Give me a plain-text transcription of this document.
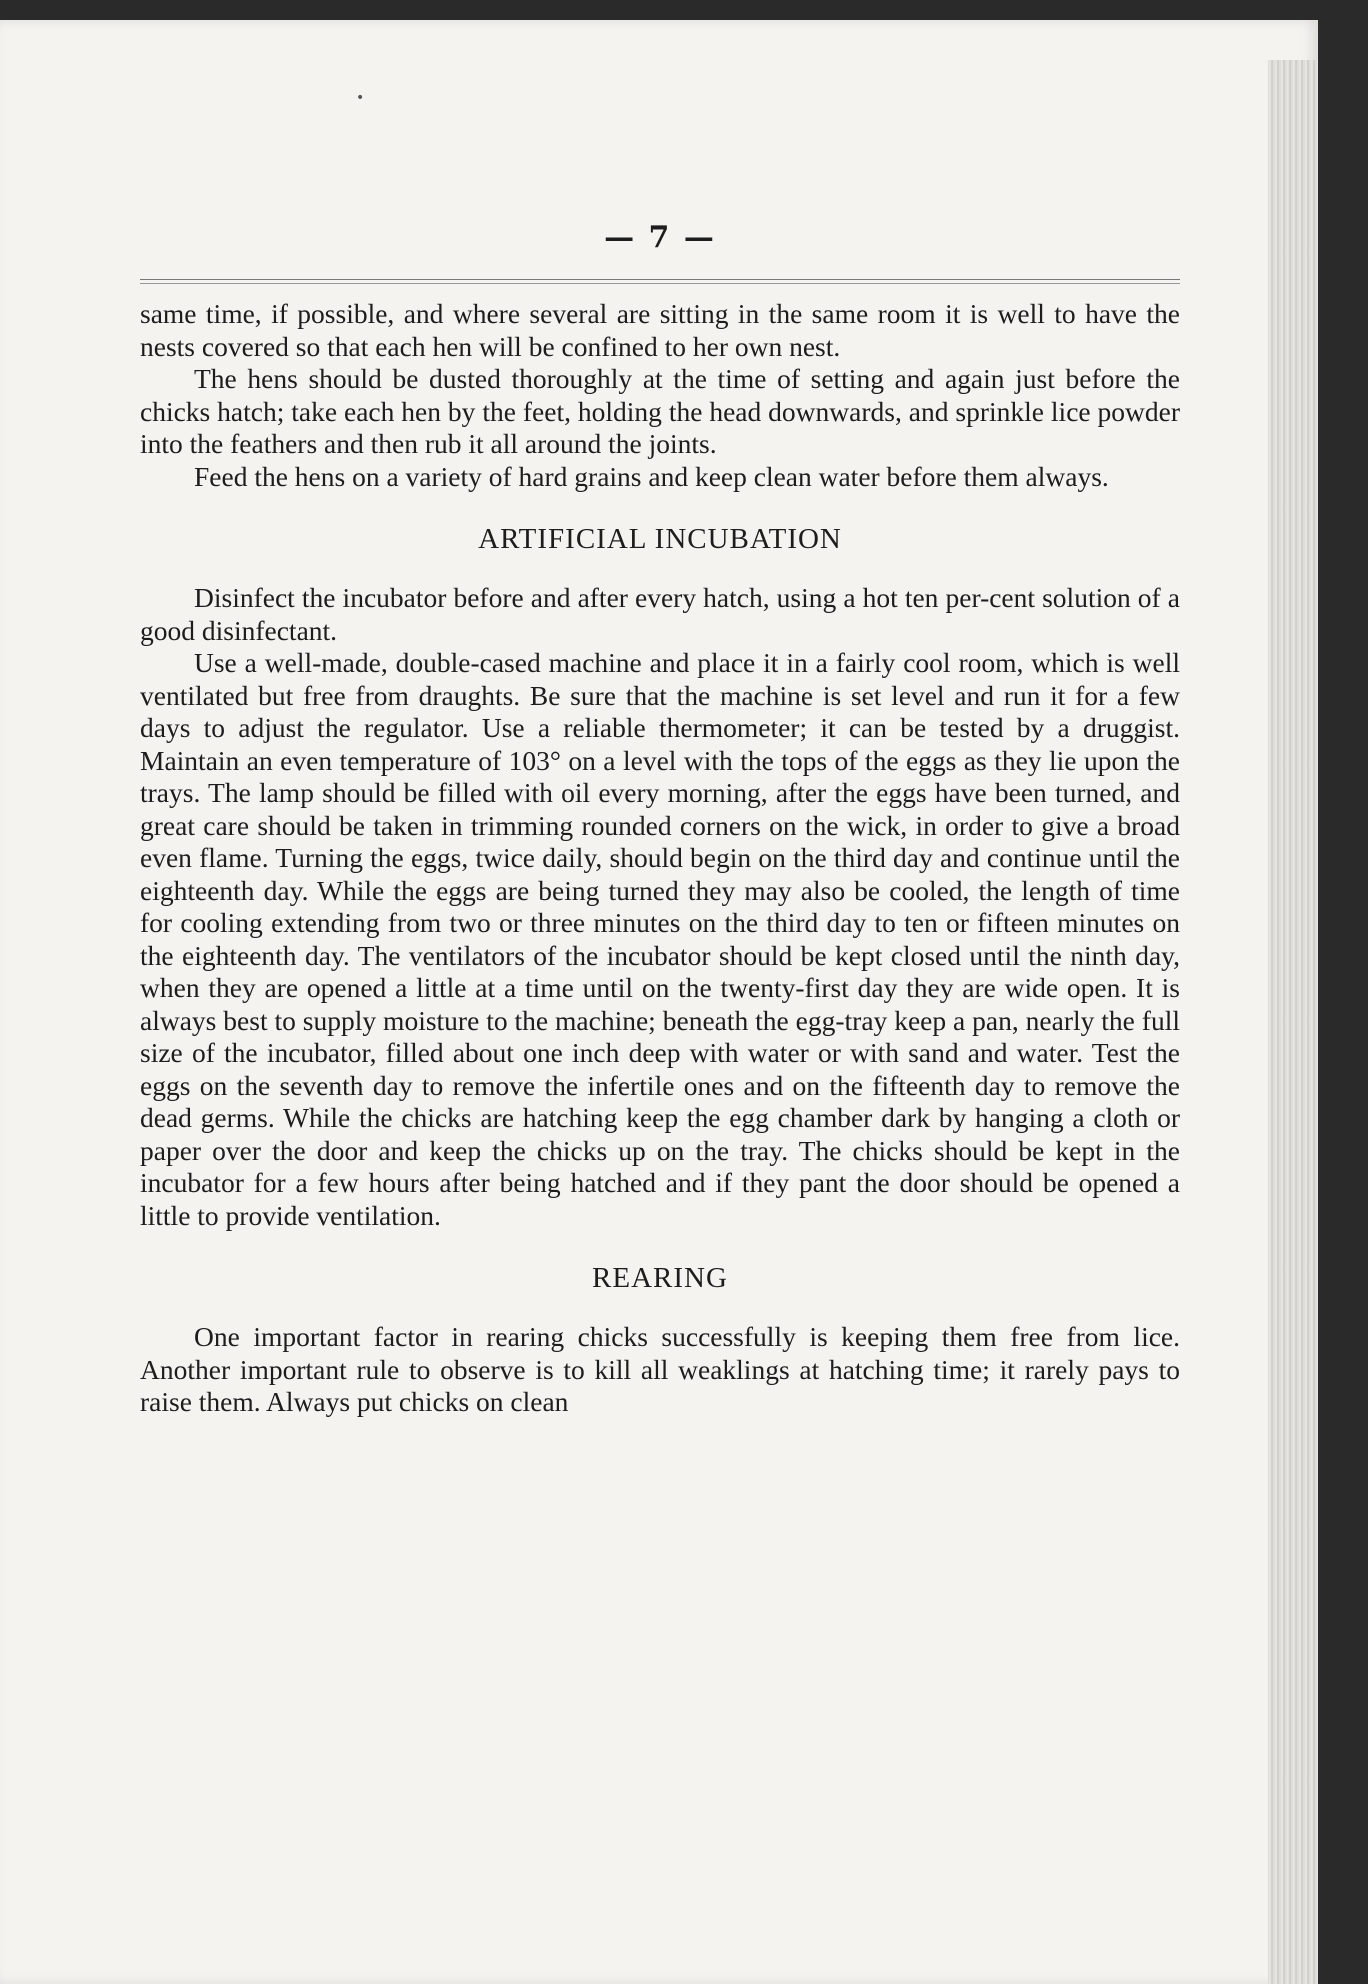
•
— 7 —

same time, if possible, and where several are sitting in the same room it is well to have the nests covered so that each hen will be confined to her own nest.

The hens should be dusted thoroughly at the time of setting and again just before the chicks hatch; take each hen by the feet, holding the head downwards, and sprinkle lice powder into the feathers and then rub it all around the joints.

Feed the hens on a variety of hard grains and keep clean water before them always.

ARTIFICIAL INCUBATION

Disinfect the incubator before and after every hatch, using a hot ten per-cent solution of a good disinfectant.

Use a well-made, double-cased machine and place it in a fairly cool room, which is well ventilated but free from draughts. Be sure that the machine is set level and run it for a few days to adjust the regulator. Use a reliable thermometer; it can be tested by a druggist. Maintain an even temperature of 103° on a level with the tops of the eggs as they lie upon the trays. The lamp should be filled with oil every morning, after the eggs have been turned, and great care should be taken in trimming rounded corners on the wick, in order to give a broad even flame. Turning the eggs, twice daily, should begin on the third day and continue until the eighteenth day. While the eggs are being turned they may also be cooled, the length of time for cooling extending from two or three minutes on the third day to ten or fifteen minutes on the eighteenth day. The ventilators of the incubator should be kept closed until the ninth day, when they are opened a little at a time until on the twenty-first day they are wide open. It is always best to supply moisture to the machine; beneath the egg-tray keep a pan, nearly the full size of the incubator, filled about one inch deep with water or with sand and water. Test the eggs on the seventh day to remove the infertile ones and on the fifteenth day to remove the dead germs. While the chicks are hatching keep the egg chamber dark by hanging a cloth or paper over the door and keep the chicks up on the tray. The chicks should be kept in the incubator for a few hours after being hatched and if they pant the door should be opened a little to provide ventilation.

REARING

One important factor in rearing chicks successfully is keeping them free from lice. Another important rule to observe is to kill all weaklings at hatching time; it rarely pays to raise them. Always put chicks on clean
